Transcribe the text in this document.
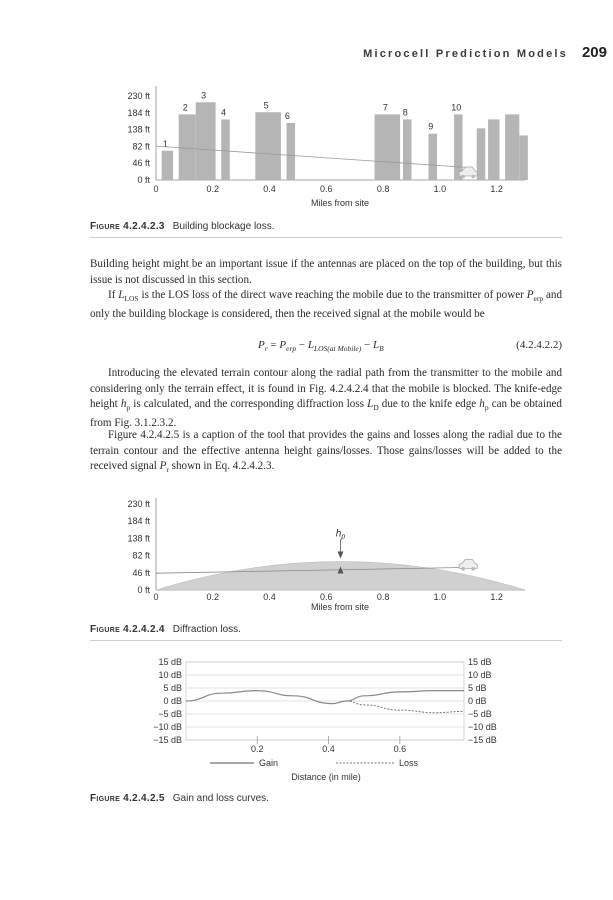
Microcell Prediction Models 209
230 ft
184 ft
138 ft
82 ft
46 ft
0 ft
1
2
3
4
5
6
7 8
9
10
0	0.2	0.4	0.6	0.8	1.0	1.2
Miles from site
Figure 4.2.4.2.3 Building blockage loss.

Building height might be an important issue if the antennas are placed on the top of the building, but this issue is not discussed in this section.

If $L_{LOS}$ is the LOS loss of the direct wave reaching the mobile due to the transmitter of power $P_{erp}$ and only the building blockage is considered, then the received signal at the mobile would be

$P_r = P_{erp} - L_{LOS(at Mobile)} - L_B$	(4.2.4.2.2)

Introducing the elevated terrain contour along the radial path from the transmitter to the mobile and considering only the terrain effect, it is found in Fig. 4.2.4.2.4 that the mobile is blocked. The knife-edge height $h_p$ is calculated, and the corresponding diffraction loss $L_D$ due to the knife edge $h_p$ can be obtained from Fig. 3.1.2.3.2.

Figure 4.2.4.2.5 is a caption of the tool that provides the gains and losses along the radial due to the terrain contour and the effective antenna height gains/losses. Those gains/losses will be added to the received signal $P_r$ shown in Eq. 4.2.4.2.3.

230 ft
184 ft
138 ft
82 ft
46 ft
0 ft
$h_p$
0	0.2	0.4	0.6	0.8	1.0	1.2
Miles from site
Figure 4.2.4.2.4 Diffraction loss.
15 dB	15 dB
10 dB	10 dB
5 dB	5 dB
0 dB	0 dB
−5 dB	−5 dB
−10 dB	−10 dB
−15 dB	−15 dB
0.2	0.4	0.6
Gain	Loss
Distance (in mile)
Figure 4.2.4.2.5 Gain and loss curves.
